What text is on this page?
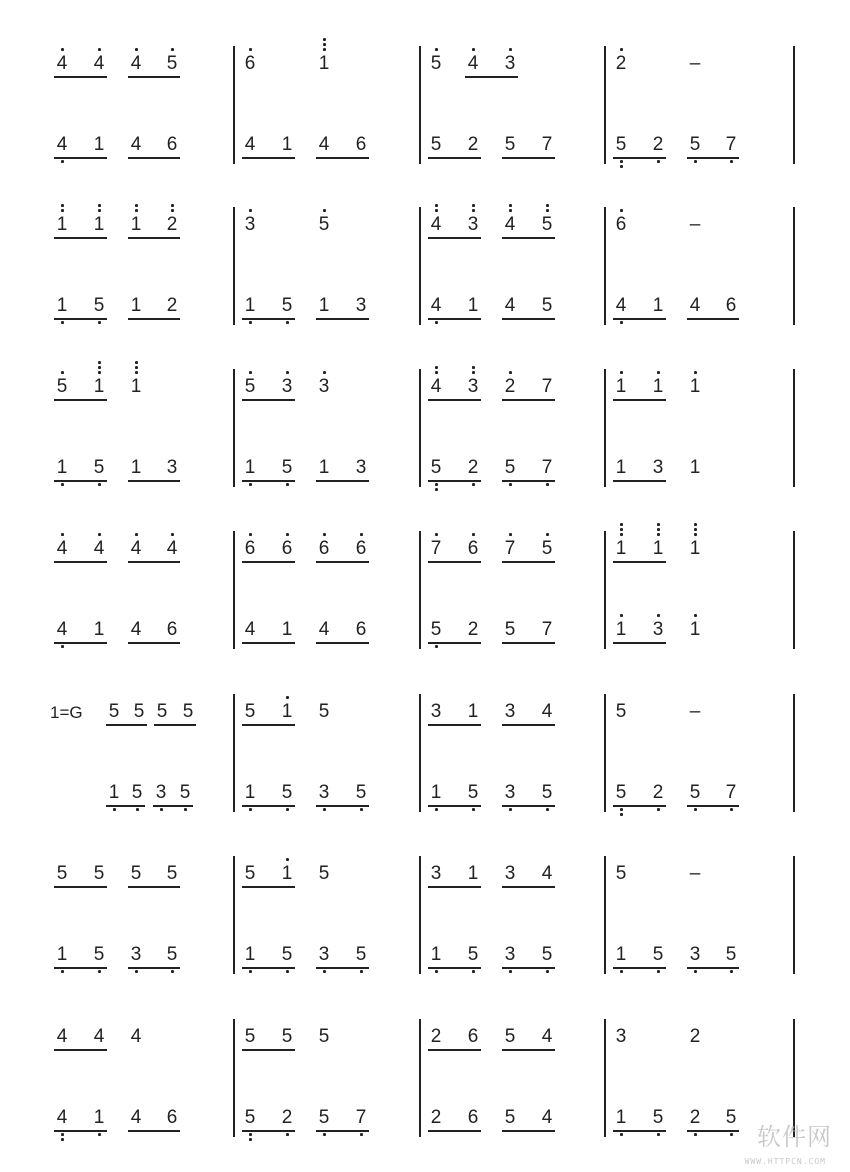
4 4 4 5	6	1	5 4 3	2	–
4 1 4 6	4 1 4 6	5 2 5 7	5 2 5 7
1 1 1 2	3	5	4 3 4 5	6	–
1 5 1 2	1 5 1 3	4 1 4 5	4 1 4 6
5 1 1	5 3 3	4 3 2 7	1 1 1
1 5 1 3	1 5 1 3	5 2 5 7	1 3 1
4 4 4 4	6 6 6 6	7 6 7 5	1 1 1
4 1 4 6	4 1 4 6	5 2 5 7	1 3 1
5 5 5 5	5 1 5	3 1 3 4	5	–
1 5 3 5	1 5 3 5	1 5 3 5	5 2 5 7
1=G
5 5 5 5	5 1 5	3 1 3 4	5	–
1 5 3 5	1 5 3 5	1 5 3 5	1 5 3 5
4 4 4	5 5 5	2 6 5 4	3	2
4 1 4 6	5 2 5 7	2 6 5 4	1 5 2 5
软件网
WWW.HTTPCN.COM
